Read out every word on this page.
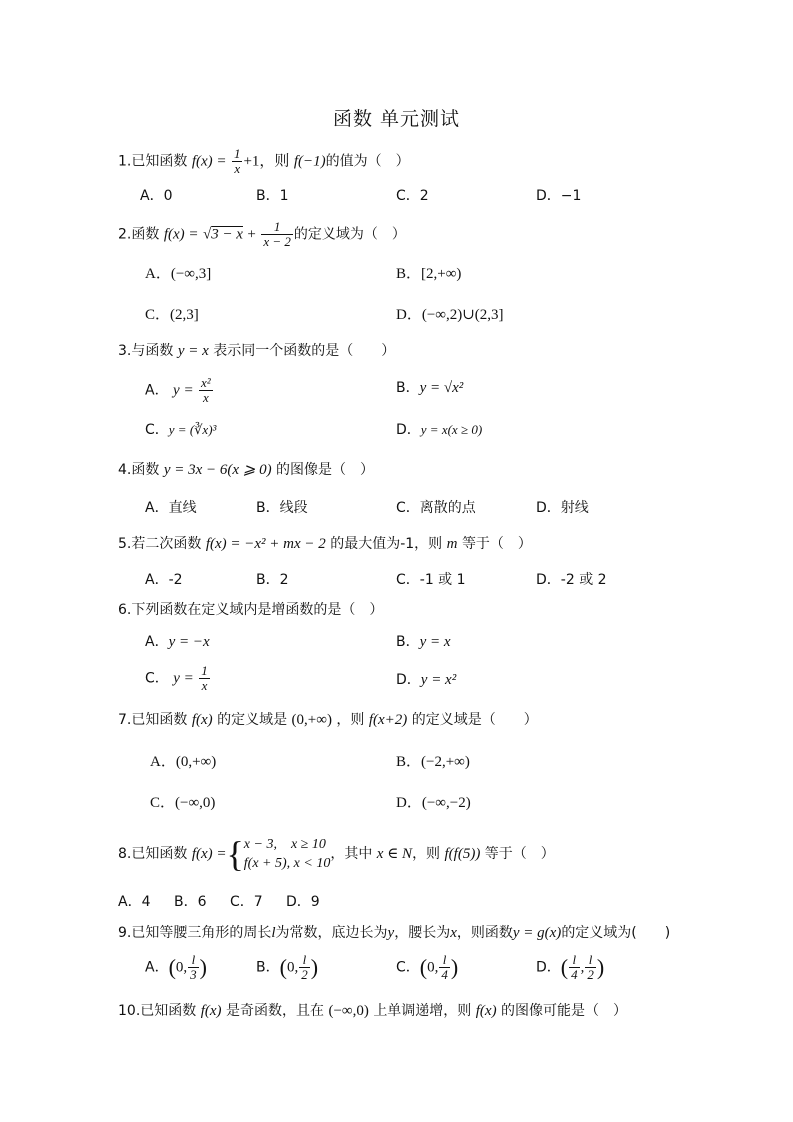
函数 单元测试
1.已知函数 $f(x) = \frac{1}{x} +1$，则 f(−1)的值为（　）
A．0	B．1	C．2	D．−1
2.函数 $f(x) = √3 - x + \frac{1}{x - 2}$ 的定义域为（　）
A．(−∞,3]	B．[2,+∞)
C．(2,3]	D．(−∞,2)∪(2,3]
3.与函数 y = x 表示同一个函数的是（　　）
A． $y = \frac{\text{x²}}{x}$	B．y = √x²
C．y = (∛x)³	D．y = x(x ≥ 0)
4.函数 y = 3x − 6(x ⩾ 0) 的图像是（　）
A．直线	B．线段	C．离散的点	D．射线
5.若二次函数 f(x) = −x² + mx − 2 的最大值为-1，则 m 等于（　）
A．-2	B．2	C．-1 或 1	D．-2 或 2
6.下列函数在定义域内是增函数的是（　）
A．y = −x	B．y = x
C． $y = \frac{1}{x}$	D．y = x²
7.已知函数 f(x) 的定义域是 (0,+∞) ，则 f(x+2) 的定义域是（　　）
A．(0,+∞)	B．(−2,+∞)
C．(−∞,0)	D．(−∞,−2)
8.已知函数 f(x) ={ x − 3,　x ≥ 10
f(x + 5), x < 10
，其中 x ∈ N，则 f(f(5)) 等于（　）
A．4 B．6 C．7 D．9
9.已知等腰三角形的周长l为常数，底边长为y，腰长为x，则函数y = g(x)的定义域为(　　)
A．(0, $\frac{l}{3}$ )	B．(0, $\frac{l}{2}$ )	C．(0, $\frac{l}{4}$ )	D．( $\frac{l}{4}$ , $\frac{l}{2}$ )
10.已知函数 f(x) 是奇函数，且在 (−∞,0) 上单调递增，则 f(x) 的图像可能是（　）
